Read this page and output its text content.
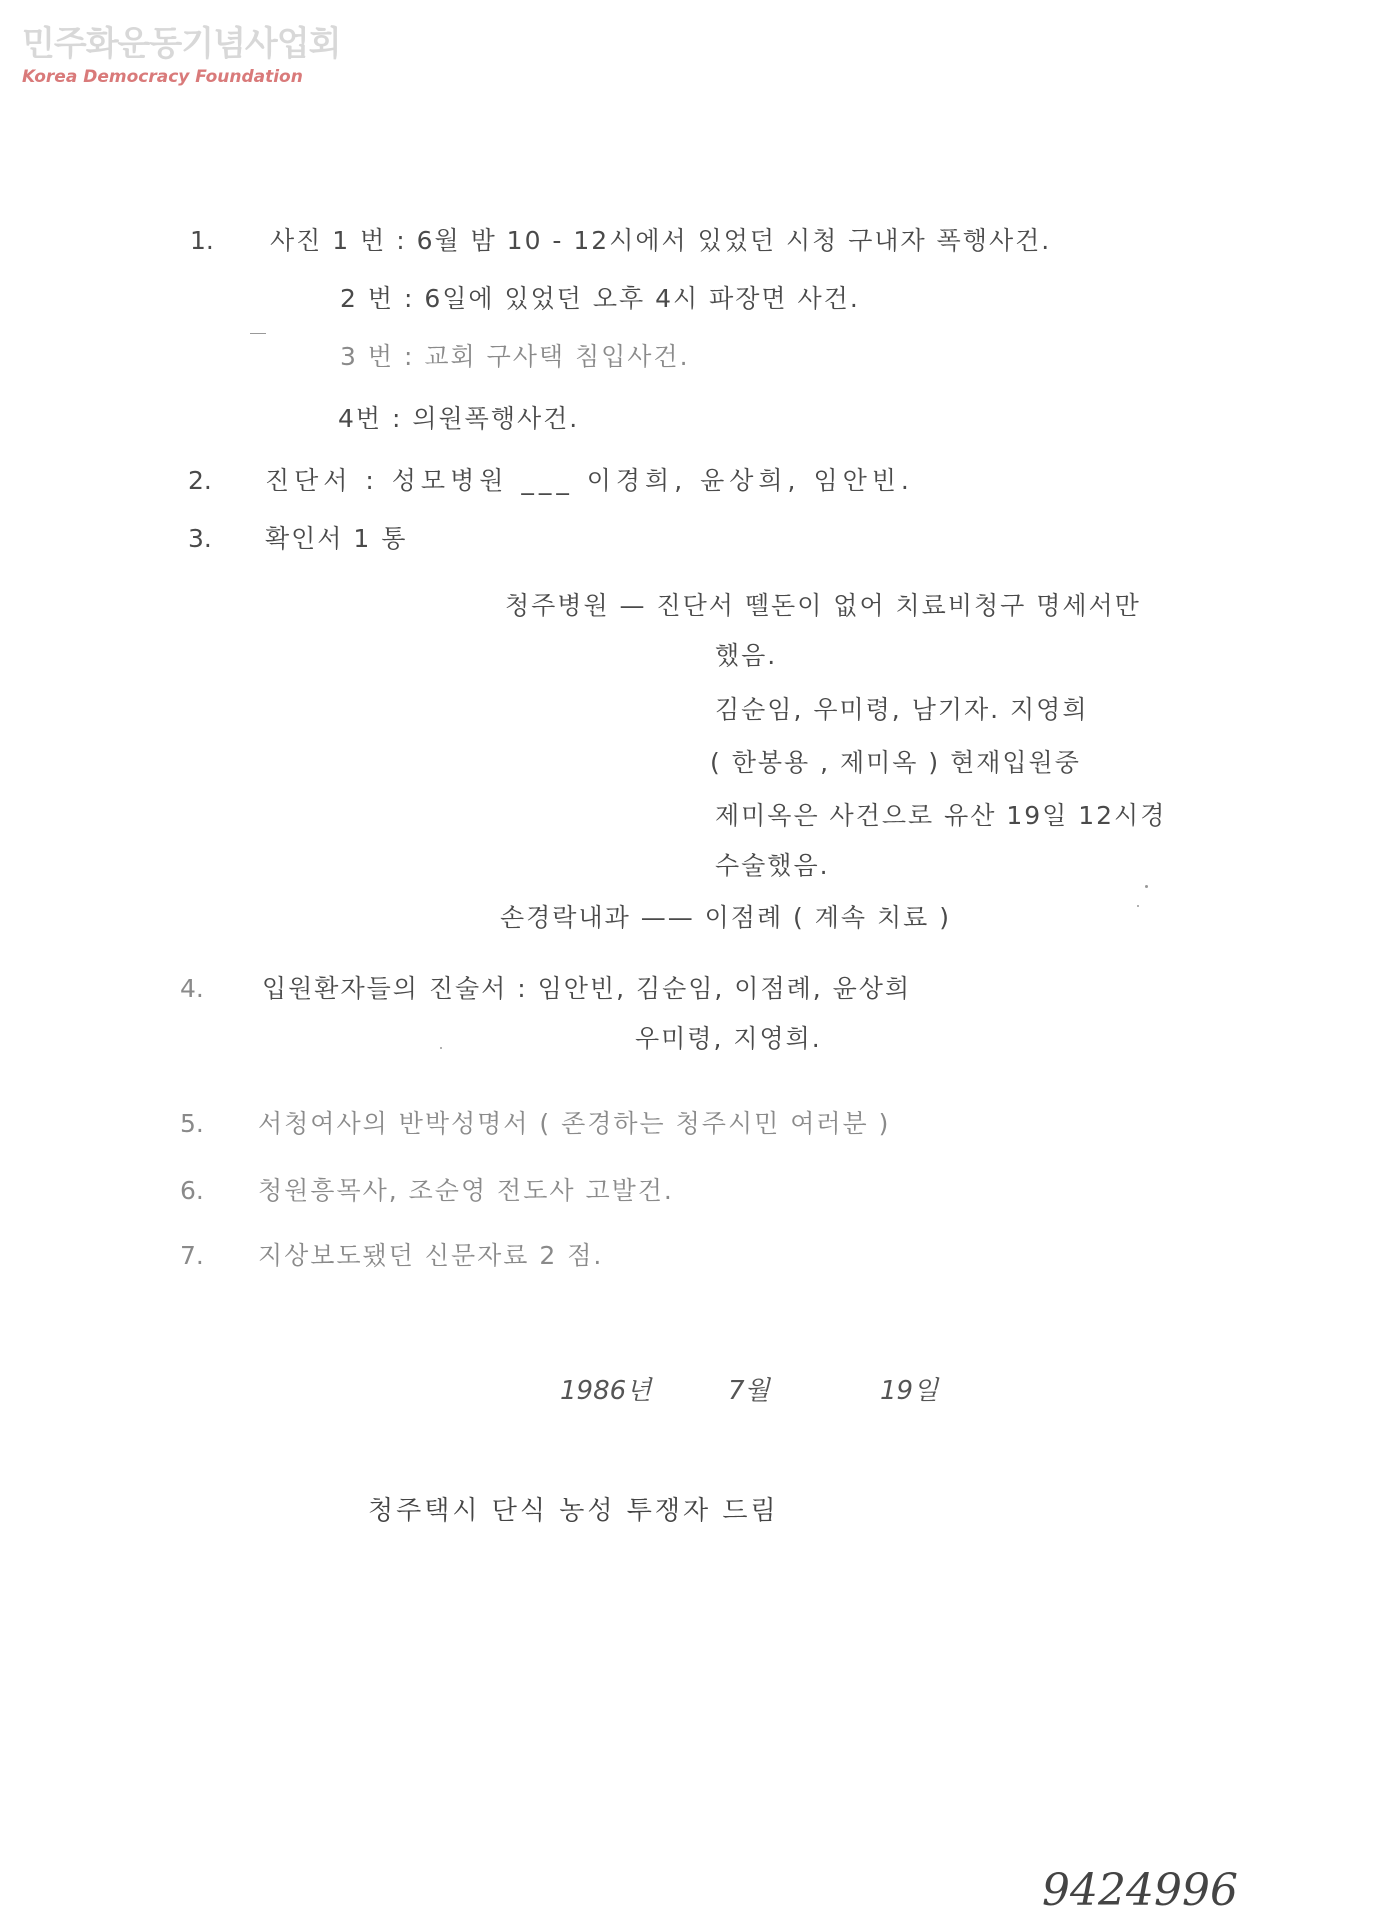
민주화운동기념사업회
Korea Democracy Foundation
1. 사진 1 번 : 6월 밤 10 - 12시에서 있었던 시청 구내자 폭행사건.
2 번 : 6일에 있었던 오후 4시 파장면 사건.
3 번 : 교회 구사택 침입사건.
4번 : 의원폭행사건.
2. 진단서 : 성모병원 ___ 이경희, 윤상희, 임안빈.
3. 확인서 1 통
청주병원 — 진단서 뗄돈이 없어 치료비청구 명세서만
했음.
김순임, 우미령, 남기자. 지영희
( 한봉용 , 제미옥 ) 현재입원중
제미옥은 사건으로 유산 19일 12시경
수술했음.
손경락내과 —— 이점례 ( 계속 치료 )
4. 입원환자들의 진술서 : 임안빈, 김순임, 이점례, 윤상희
우미령, 지영희.
5. 서청여사의 반박성명서 ( 존경하는 청주시민 여러분 )
6. 청원흥목사, 조순영 전도사 고발건.
7. 지상보도됐던 신문자료 2 점.
1986년	7월	19일
청주택시 단식 농성 투쟁자 드림
9424996
